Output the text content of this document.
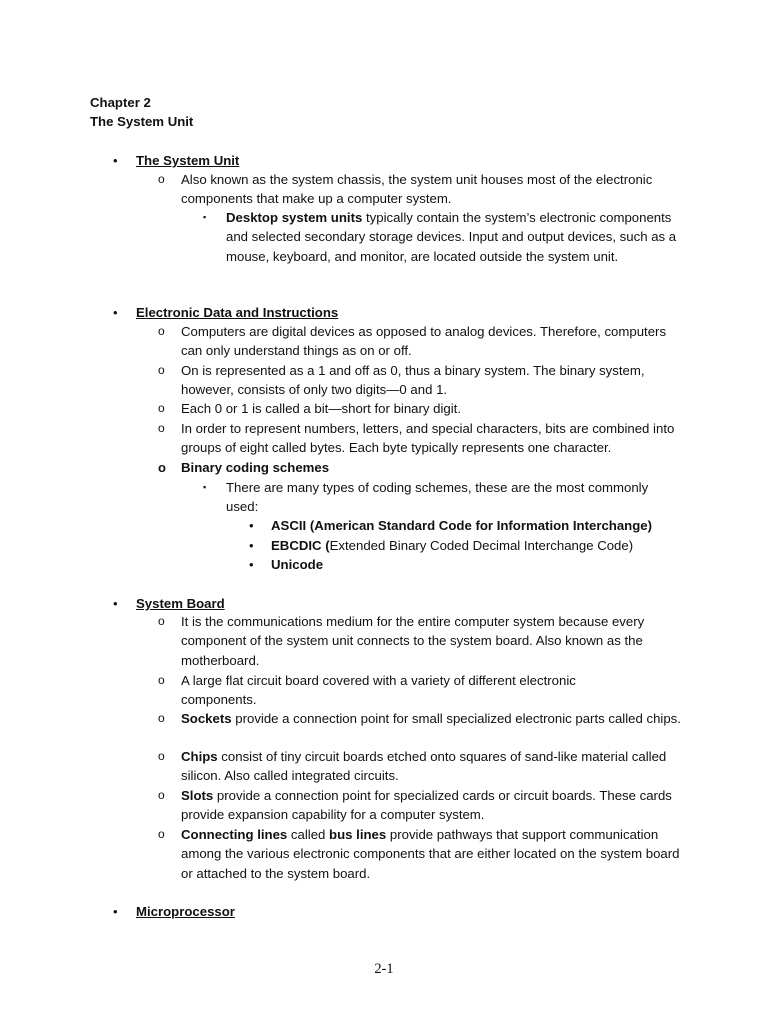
Chapter 2
The System Unit
• The System Unit
o Also known as the system chassis, the system unit houses most of the electronic components that make up a computer system.
▪ Desktop system units typically contain the system’s electronic components and selected secondary storage devices. Input and output devices, such as a mouse, keyboard, and monitor, are located outside the system unit.
• Electronic Data and Instructions
o Computers are digital devices as opposed to analog devices. Therefore, computers can only understand things as on or off.
o On is represented as a 1 and off as 0, thus a binary system. The binary system, however, consists of only two digits—0 and 1.
o Each 0 or 1 is called a bit—short for binary digit.
o In order to represent numbers, letters, and special characters, bits are combined into groups of eight called bytes. Each byte typically represents one character.
o Binary coding schemes
▪ There are many types of coding schemes, these are the most commonly used:
• ASCII (American Standard Code for Information Interchange)
• EBCDIC (Extended Binary Coded Decimal Interchange Code)
• Unicode
• System Board
o It is the communications medium for the entire computer system because every component of the system unit connects to the system board. Also known as the motherboard.
o A large flat circuit board covered with a variety of different electronic components.
o Sockets provide a connection point for small specialized electronic parts called chips.
o Chips consist of tiny circuit boards etched onto squares of sand-like material called silicon. Also called integrated circuits.
o Slots provide a connection point for specialized cards or circuit boards. These cards provide expansion capability for a computer system.
o Connecting lines called bus lines provide pathways that support communication among the various electronic components that are either located on the system board or attached to the system board.
• Microprocessor
2-1
